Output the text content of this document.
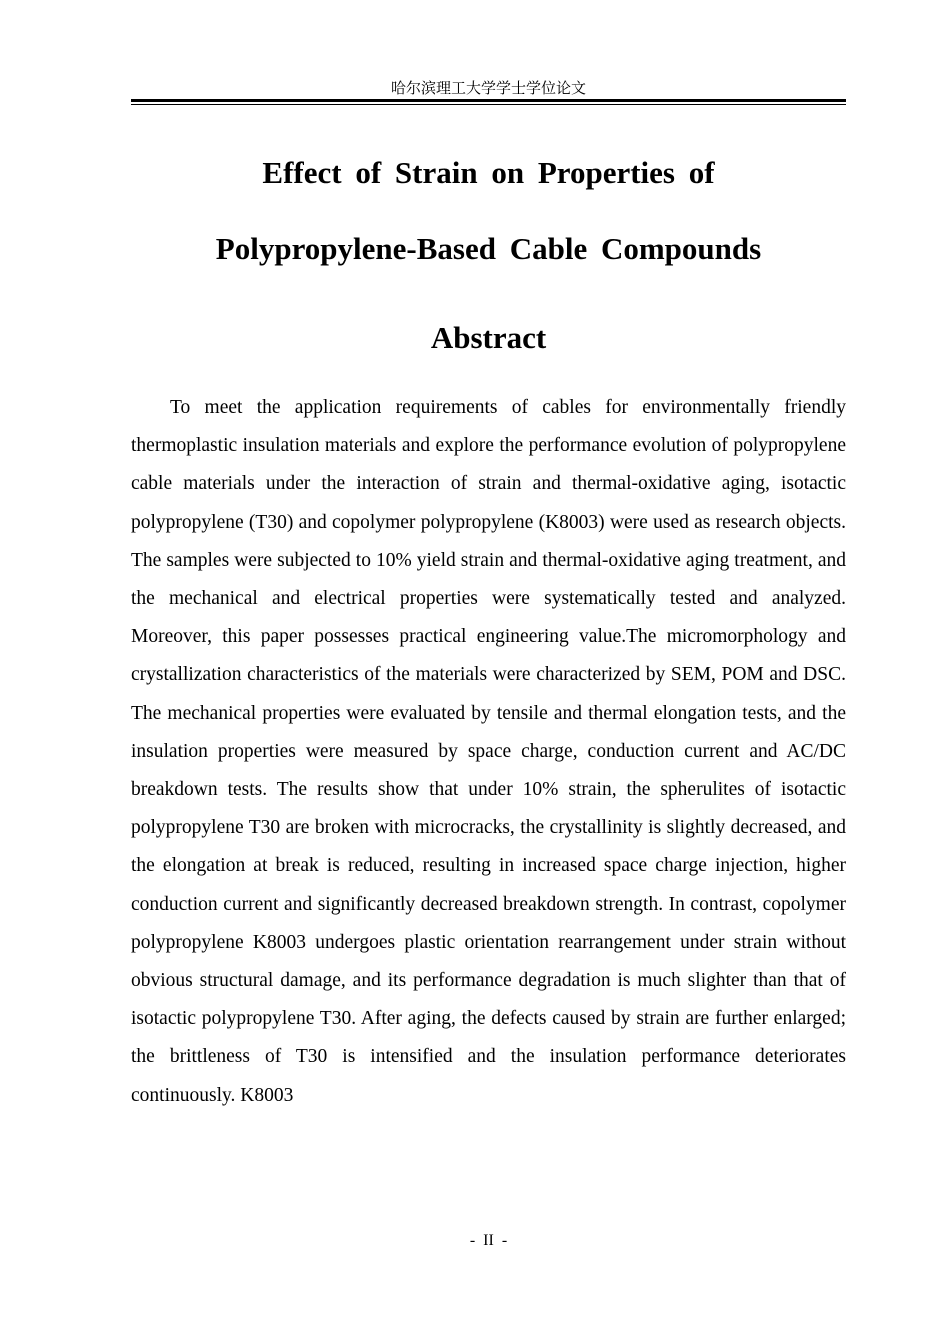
哈尔滨理工大学学士学位论文
Effect of Strain on Properties of
Polypropylene-Based Cable Compounds
Abstract

To meet the application requirements of cables for environmentally friendly thermoplastic insulation materials and explore the performance evolution of polypropylene cable materials under the interaction of strain and thermal-oxidative aging, isotactic polypropylene (T30) and copolymer polypropylene (K8003) were used as research objects. The samples were subjected to 10% yield strain and thermal-oxidative aging treatment, and the mechanical and electrical properties were systematically tested and analyzed. Moreover, this paper possesses practical engineering value.The micromorphology and crystallization characteristics of the materials were characterized by SEM, POM and DSC. The mechanical properties were evaluated by tensile and thermal elongation tests, and the insulation properties were measured by space charge, conduction current and AC/DC breakdown tests. The results show that under 10% strain, the spherulites of isotactic polypropylene T30 are broken with microcracks, the crystallinity is slightly decreased, and the elongation at break is reduced, resulting in increased space charge injection, higher conduction current and significantly decreased breakdown strength. In contrast, copolymer polypropylene K8003 undergoes plastic orientation rearrangement under strain without obvious structural damage, and its performance degradation is much slighter than that of isotactic polypropylene T30. After aging, the defects caused by strain are further enlarged; the brittleness of T30 is intensified and the insulation performance deteriorates continuously. K8003

- II -
